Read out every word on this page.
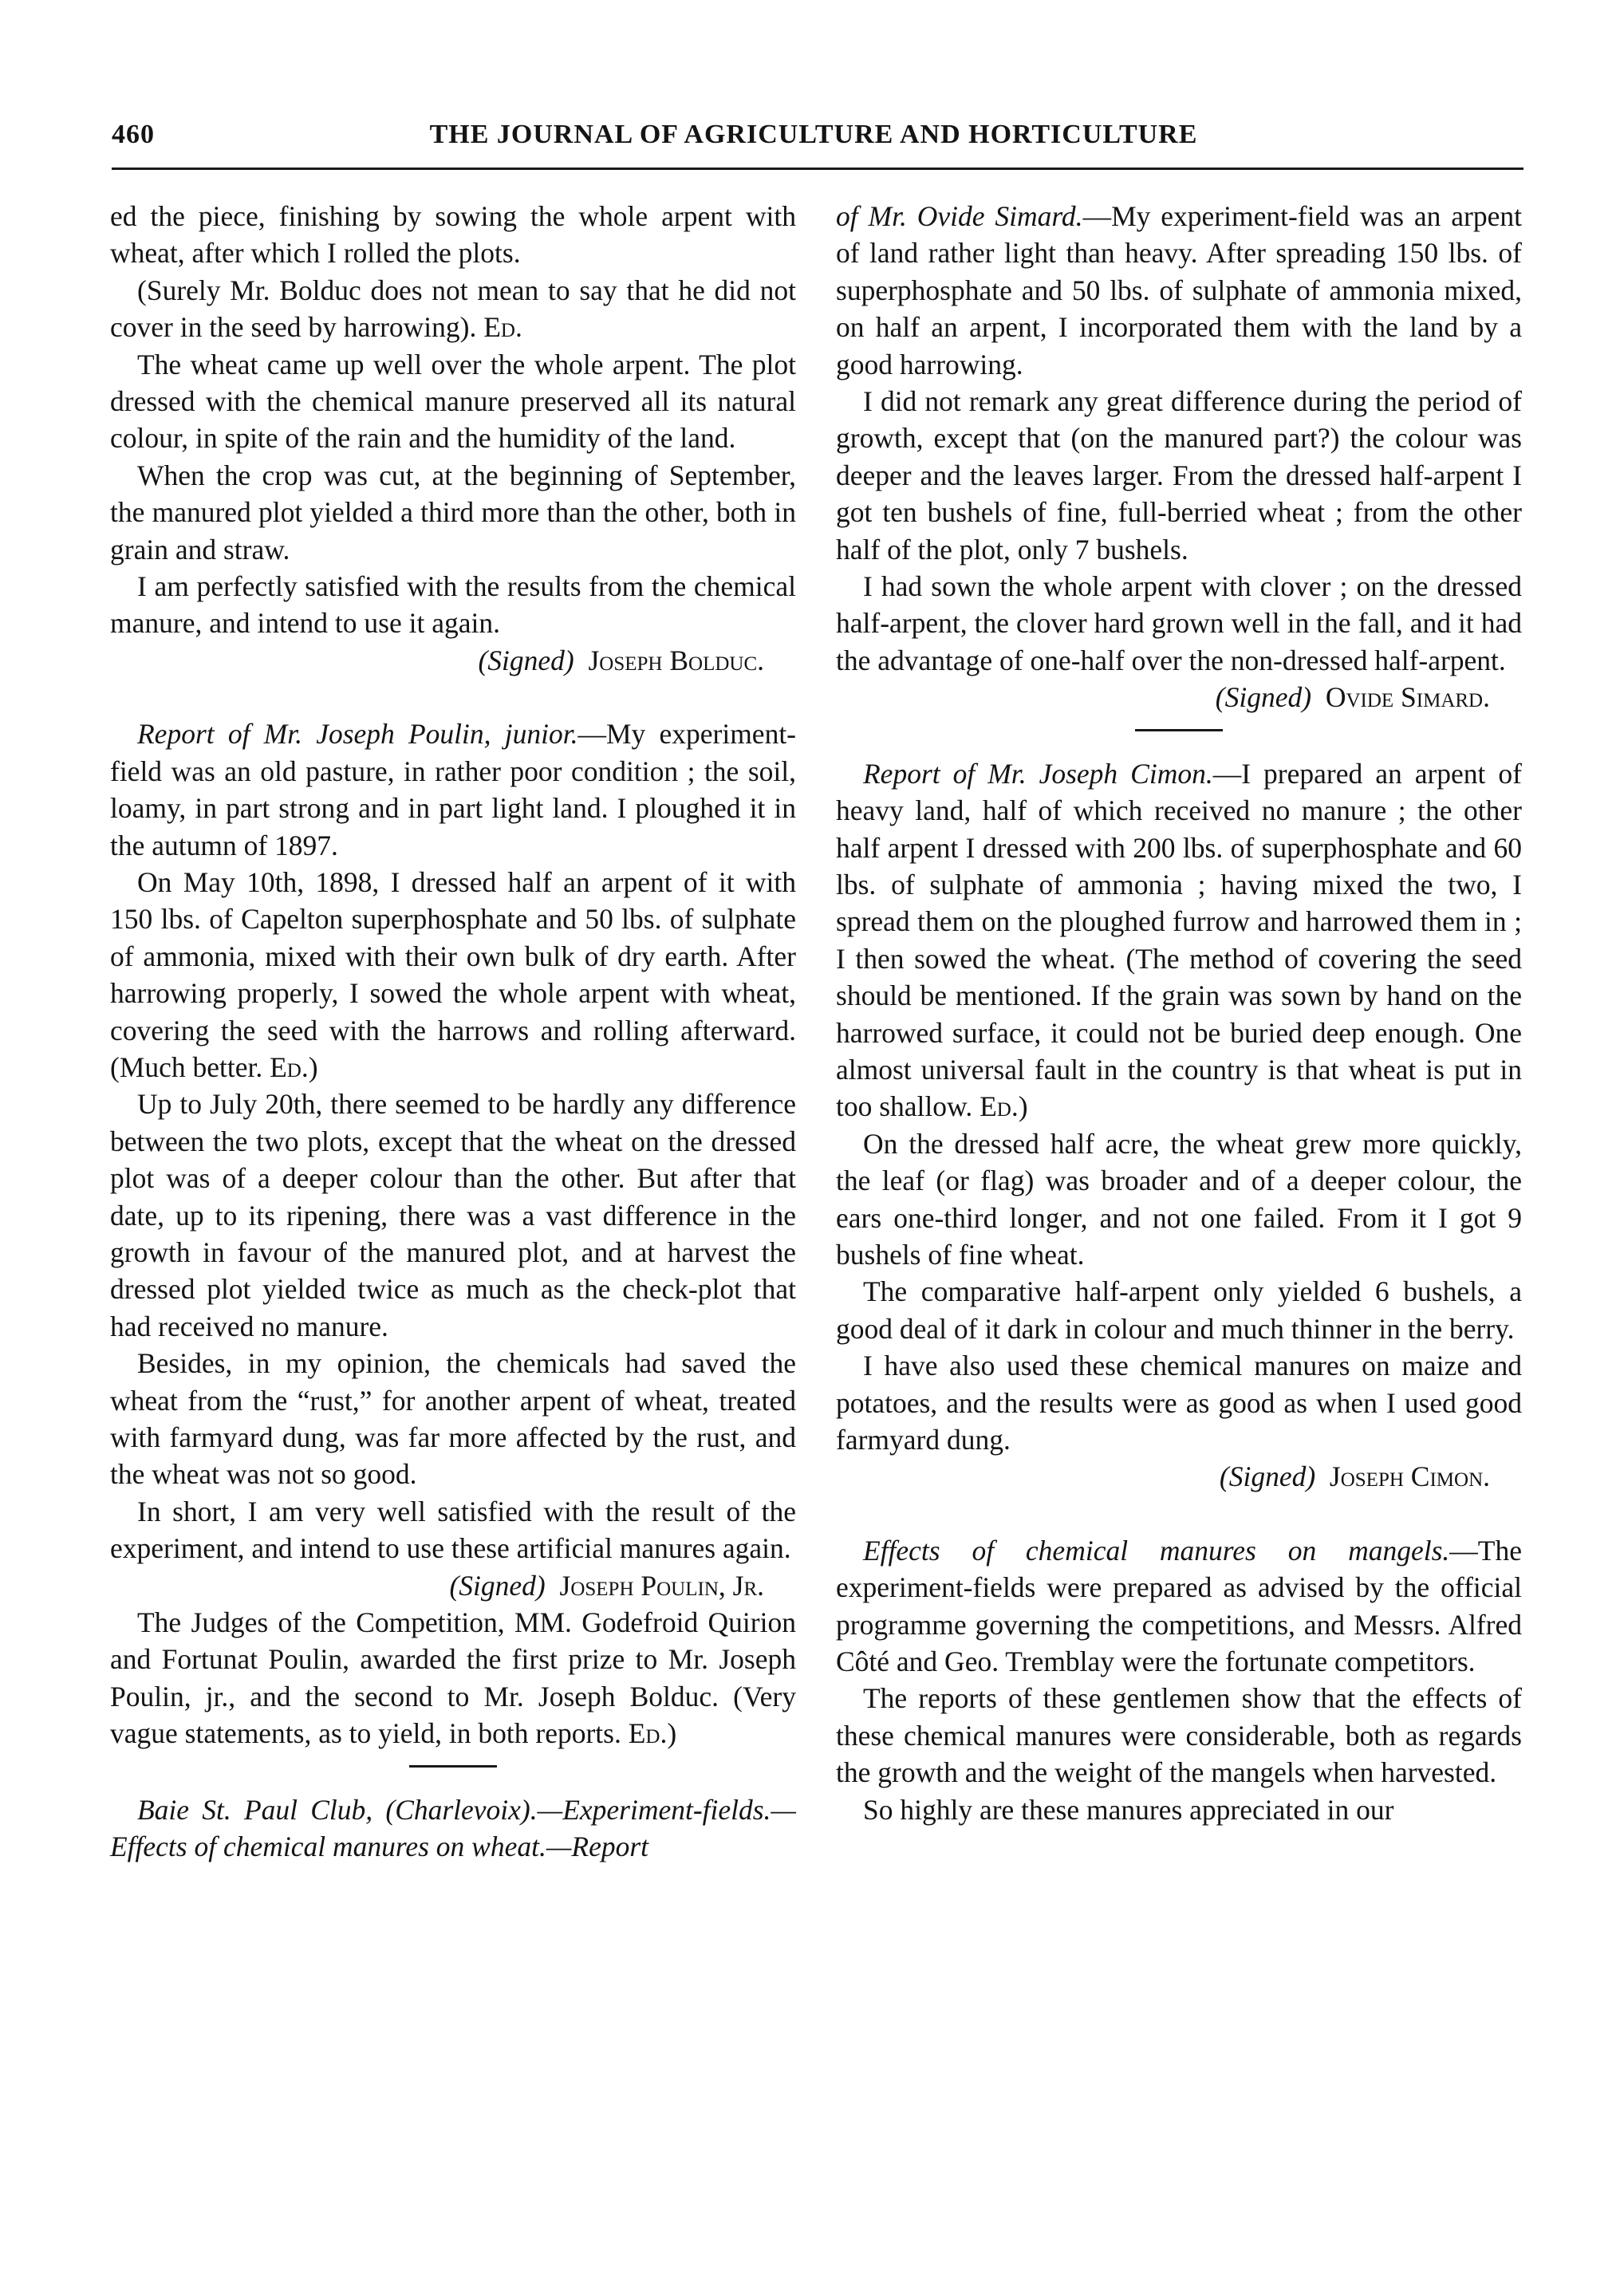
460	THE JOURNAL OF AGRICULTURE AND HORTICULTURE

ed the piece, finishing by sowing the whole arpent with wheat, after which I rolled the plots.

(Surely Mr. Bolduc does not mean to say that he did not cover in the seed by harrowing). Ed.

The wheat came up well over the whole arpent. The plot dressed with the chemical manure preserved all its natural colour, in spite of the rain and the humidity of the land.

When the crop was cut, at the beginning of September, the manured plot yielded a third more than the other, both in grain and straw.

I am perfectly satisfied with the results from the chemical manure, and intend to use it again.

(Signed) Joseph Bolduc.

Report of Mr. Joseph Poulin, junior.—My experiment-field was an old pasture, in rather poor condition ; the soil, loamy, in part strong and in part light land. I ploughed it in the autumn of 1897.

On May 10th, 1898, I dressed half an arpent of it with 150 lbs. of Capelton superphosphate and 50 lbs. of sulphate of ammonia, mixed with their own bulk of dry earth. After harrowing properly, I sowed the whole arpent with wheat, covering the seed with the harrows and rolling afterward. (Much better. Ed.)

Up to July 20th, there seemed to be hardly any difference between the two plots, except that the wheat on the dressed plot was of a deeper colour than the other. But after that date, up to its ripening, there was a vast difference in the growth in favour of the manured plot, and at harvest the dressed plot yielded twice as much as the check-plot that had received no manure.

Besides, in my opinion, the chemicals had saved the wheat from the “rust,” for another arpent of wheat, treated with farmyard dung, was far more affected by the rust, and the wheat was not so good.

In short, I am very well satisfied with the result of the experiment, and intend to use these artificial manures again.

(Signed) Joseph Poulin, Jr.

The Judges of the Competition, MM. Godefroid Quirion and Fortunat Poulin, awarded the first prize to Mr. Joseph Poulin, jr., and the second to Mr. Joseph Bolduc. (Very vague statements, as to yield, in both reports. Ed.)

Baie St. Paul Club, (Charlevoix).—Experiment-fields.—Effects of chemical manures on wheat.—Report

of Mr. Ovide Simard.—My experiment-field was an arpent of land rather light than heavy. After spreading 150 lbs. of superphosphate and 50 lbs. of sulphate of ammonia mixed, on half an arpent, I incorporated them with the land by a good harrowing.

I did not remark any great difference during the period of growth, except that (on the manured part?) the colour was deeper and the leaves larger. From the dressed half-arpent I got ten bushels of fine, full-berried wheat ; from the other half of the plot, only 7 bushels.

I had sown the whole arpent with clover ; on the dressed half-arpent, the clover hard grown well in the fall, and it had the advantage of one-half over the non-dressed half-arpent.

(Signed) Ovide Simard.

Report of Mr. Joseph Cimon.—I prepared an arpent of heavy land, half of which received no manure ; the other half arpent I dressed with 200 lbs. of superphosphate and 60 lbs. of sulphate of ammonia ; having mixed the two, I spread them on the ploughed furrow and harrowed them in ; I then sowed the wheat. (The method of covering the seed should be mentioned. If the grain was sown by hand on the harrowed surface, it could not be buried deep enough. One almost universal fault in the country is that wheat is put in too shallow. Ed.)

On the dressed half acre, the wheat grew more quickly, the leaf (or flag) was broader and of a deeper colour, the ears one-third longer, and not one failed. From it I got 9 bushels of fine wheat.

The comparative half-arpent only yielded 6 bushels, a good deal of it dark in colour and much thinner in the berry.

I have also used these chemical manures on maize and potatoes, and the results were as good as when I used good farmyard dung.

(Signed) Joseph Cimon.

Effects of chemical manures on mangels.—The experiment-fields were prepared as advised by the official programme governing the competitions, and Messrs. Alfred Côté and Geo. Tremblay were the fortunate competitors.

The reports of these gentlemen show that the effects of these chemical manures were considerable, both as regards the growth and the weight of the mangels when harvested.

So highly are these manures appreciated in our
